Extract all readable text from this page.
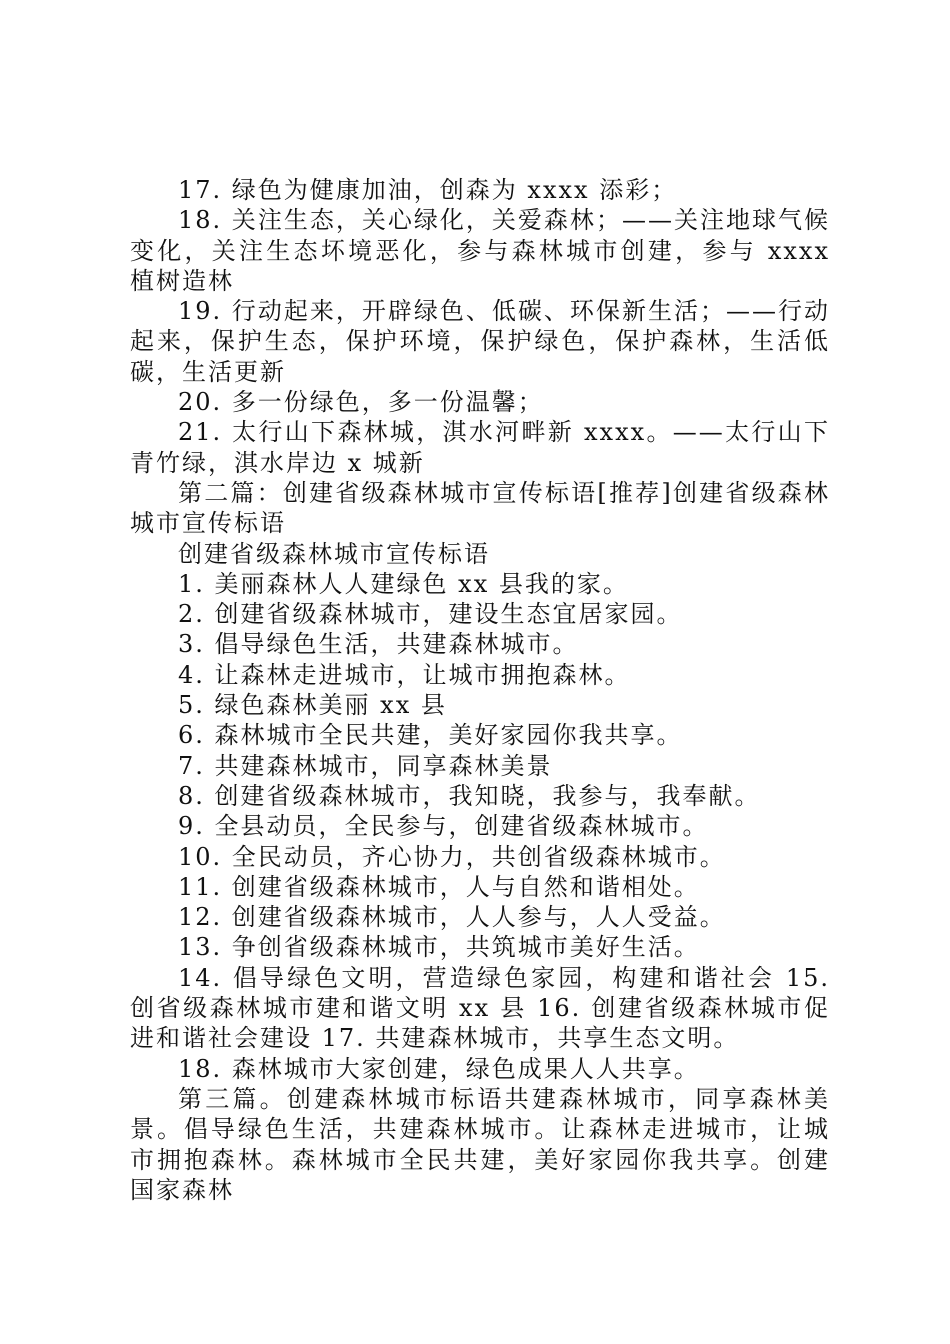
17. 绿色为健康加油，创森为 xxxx 添彩；

18. 关注生态，关心绿化，关爱森林；——关注地球气候变化，关注生态坏境恶化，参与森林城市创建，参与 xxxx 植树造林

19. 行动起来，开辟绿色、低碳、环保新生活；——行动起来，保护生态，保护环境，保护绿色，保护森林，生活低碳，生活更新

20. 多一份绿色，多一份温馨；

21. 太行山下森林城，淇水河畔新 xxxx。——太行山下青竹绿，淇水岸边 x 城新

第二篇：创建省级森林城市宣传标语[推荐]创建省级森林城市宣传标语

创建省级森林城市宣传标语

1. 美丽森林人人建绿色 xx 县我的家。

2. 创建省级森林城市，建设生态宜居家园。

3. 倡导绿色生活，共建森林城市。

4. 让森林走进城市，让城市拥抱森林。

5. 绿色森林美丽 xx 县

6. 森林城市全民共建，美好家园你我共享。

7. 共建森林城市，同享森林美景

8. 创建省级森林城市，我知晓，我参与，我奉献。

9. 全县动员，全民参与，创建省级森林城市。

10. 全民动员，齐心协力，共创省级森林城市。

11. 创建省级森林城市，人与自然和谐相处。

12. 创建省级森林城市，人人参与，人人受益。

13. 争创省级森林城市，共筑城市美好生活。

14. 倡导绿色文明，营造绿色家园，构建和谐社会 15. 创省级森林城市建和谐文明 xx 县 16. 创建省级森林城市促进和谐社会建设 17. 共建森林城市，共享生态文明。

18. 森林城市大家创建，绿色成果人人共享。

第三篇。创建森林城市标语共建森林城市，同享森林美景。倡导绿色生活，共建森林城市。让森林走进城市，让城市拥抱森林。森林城市全民共建，美好家园你我共享。创建国家森林
